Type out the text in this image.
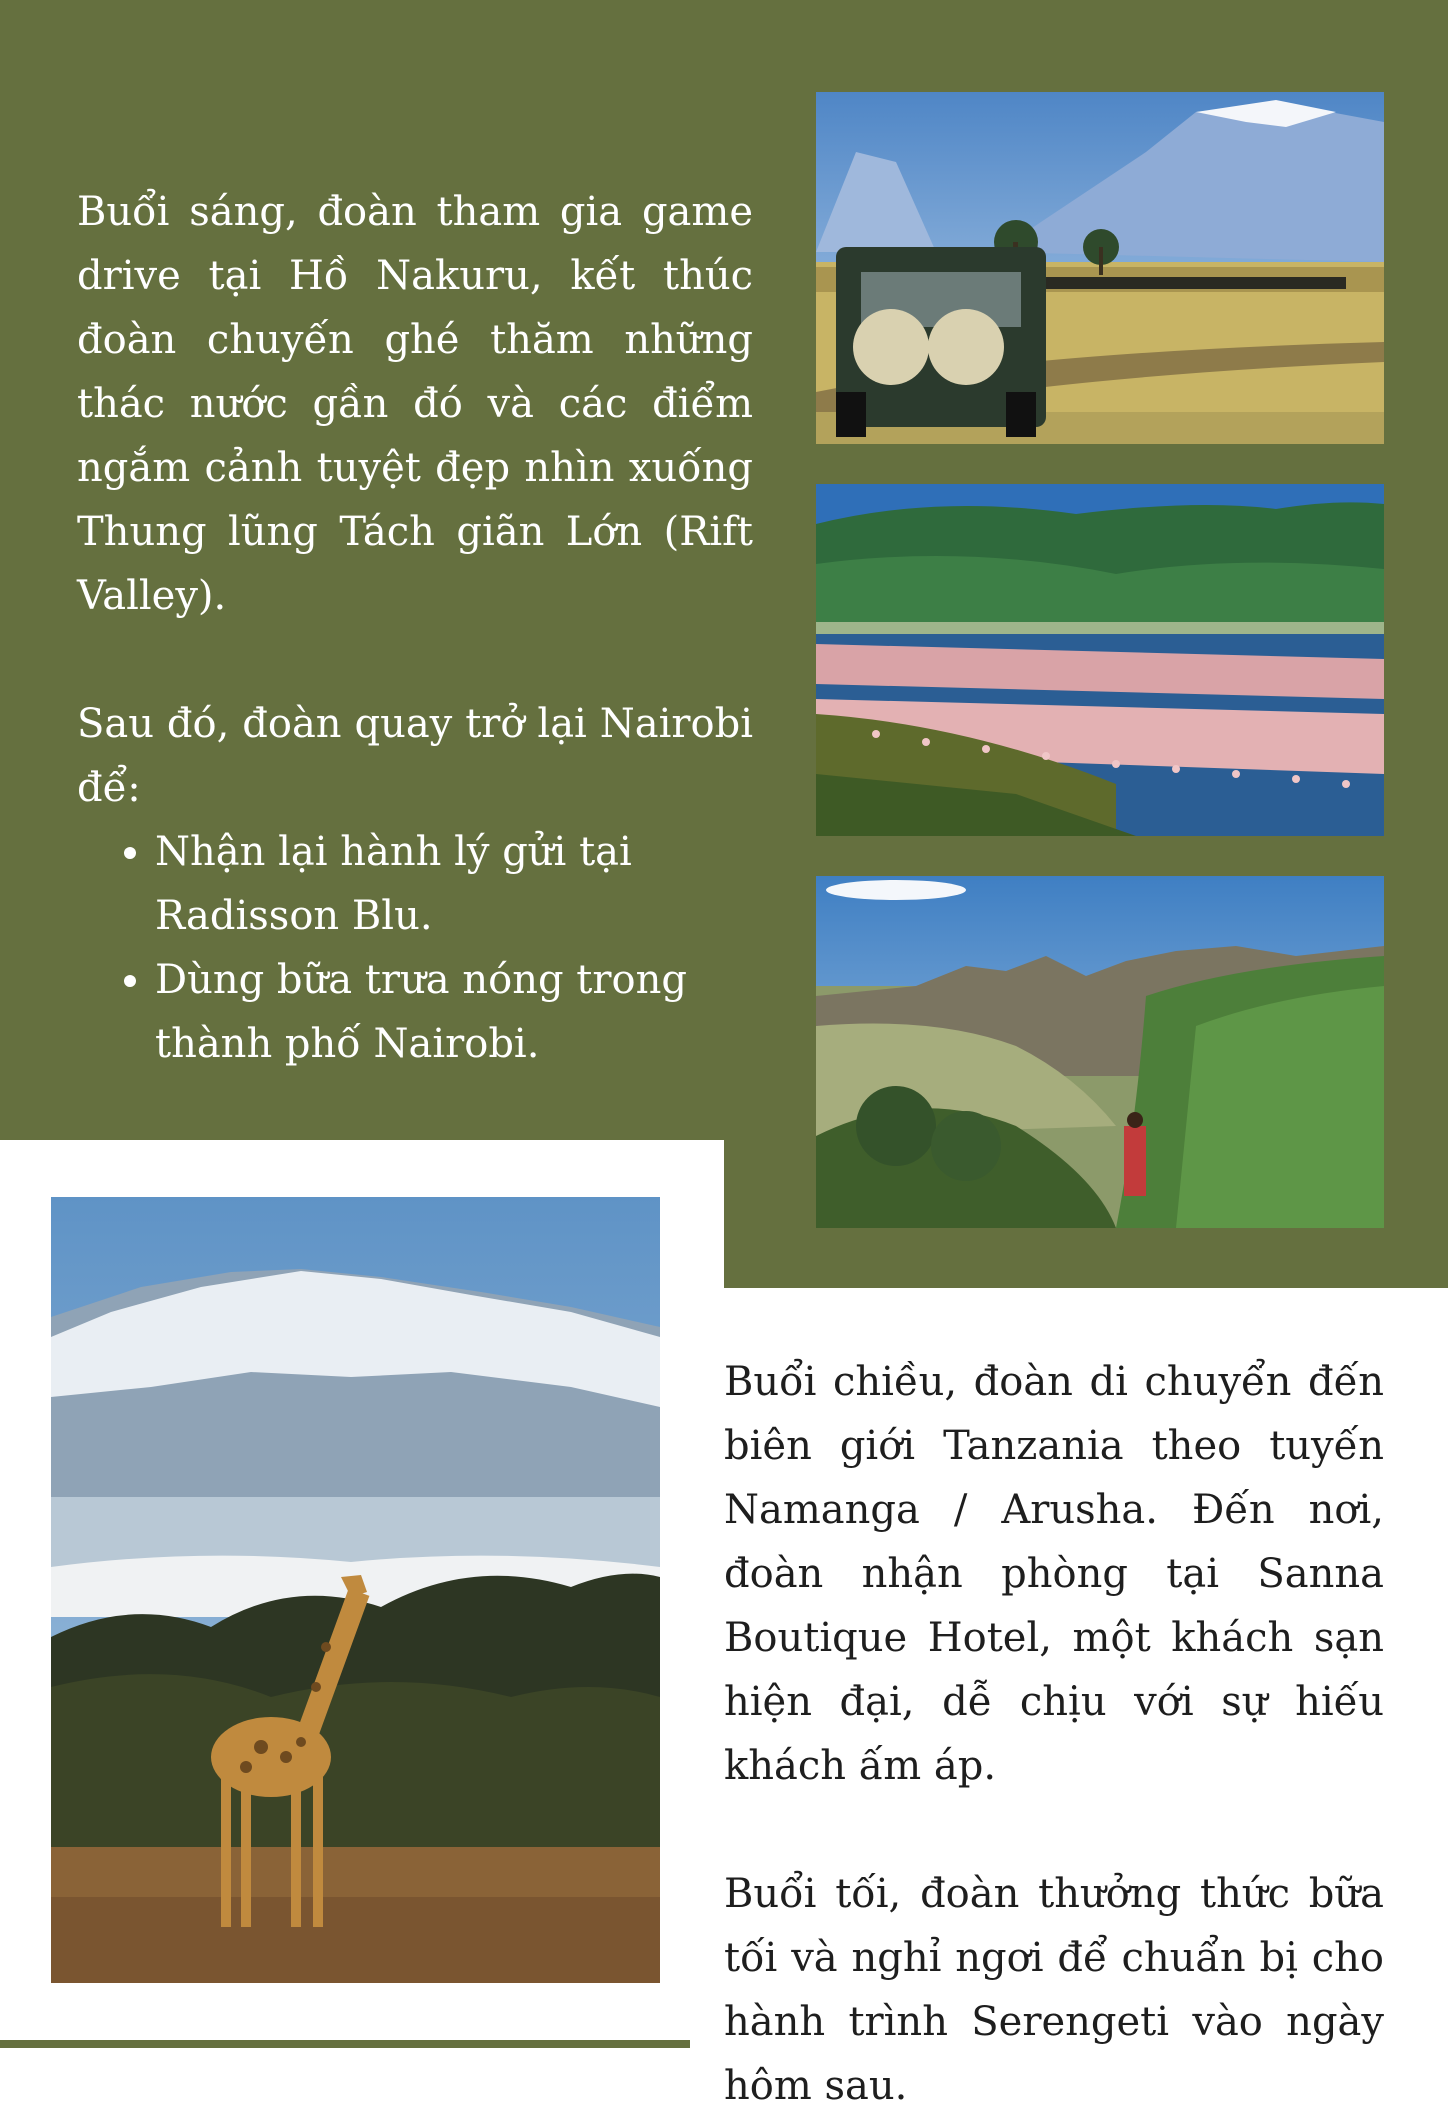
Buổi sáng, đoàn tham gia game drive tại Hồ Nakuru, kết thúc đoàn chuyến ghé thăm những thác nước gần đó và các điểm ngắm cảnh tuyệt đẹp nhìn xuống Thung lũng Tách giãn Lớn (Rift Valley).

Sau đó, đoàn quay trở lại Nairobi để:

• Nhận lại hành lý gửi tại Radisson Blu.
• Dùng bữa trưa nóng trong thành phố Nairobi.

Buổi chiều, đoàn di chuyển đến biên giới Tanzania theo tuyến Namanga / Arusha. Đến nơi, đoàn nhận phòng tại Sanna Boutique Hotel, một khách sạn hiện đại, dễ chịu với sự hiếu khách ấm áp.

Buổi tối, đoàn thưởng thức bữa tối và nghỉ ngơi để chuẩn bị cho hành trình Serengeti vào ngày hôm sau.
